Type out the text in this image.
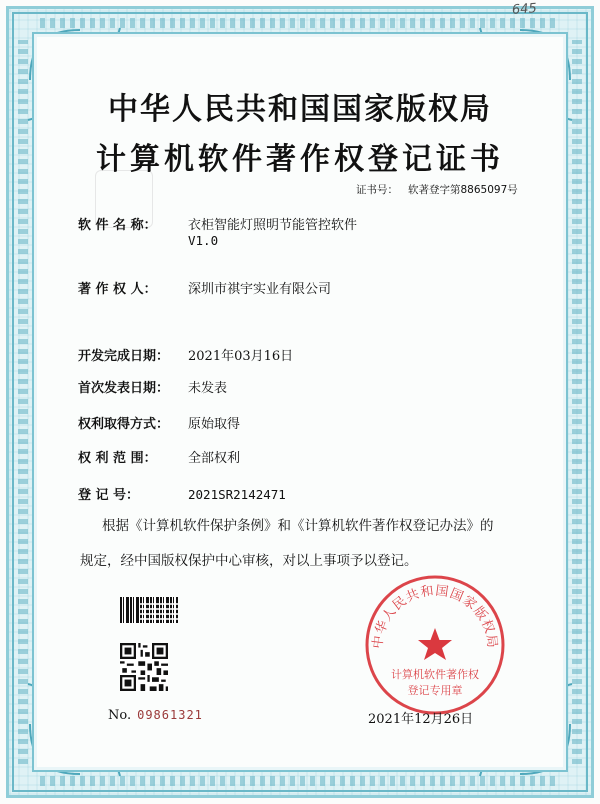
645
中华人民共和国国家版权局
计算机软件著作权登记证书
证书号： 软著登字第8865097号
软 件 名 称： 衣柜智能灯照明节能管控软件
V1.0
著 作 权 人： 深圳市祺宇实业有限公司
开发完成日期： 2021年03月16日
首次发表日期： 未发表
权利取得方式： 原始取得
权 利 范 围： 全部权利
登 记 号：	2021SR2142471
根据《计算机软件保护条例》和《计算机软件著作权登记办法》的
规定，经中国版权保护中心审核，对以上事项予以登记。
No. 09861321
中华人民共和国国家版权局
计算机软件著作权
登记专用章
2021年12月26日
